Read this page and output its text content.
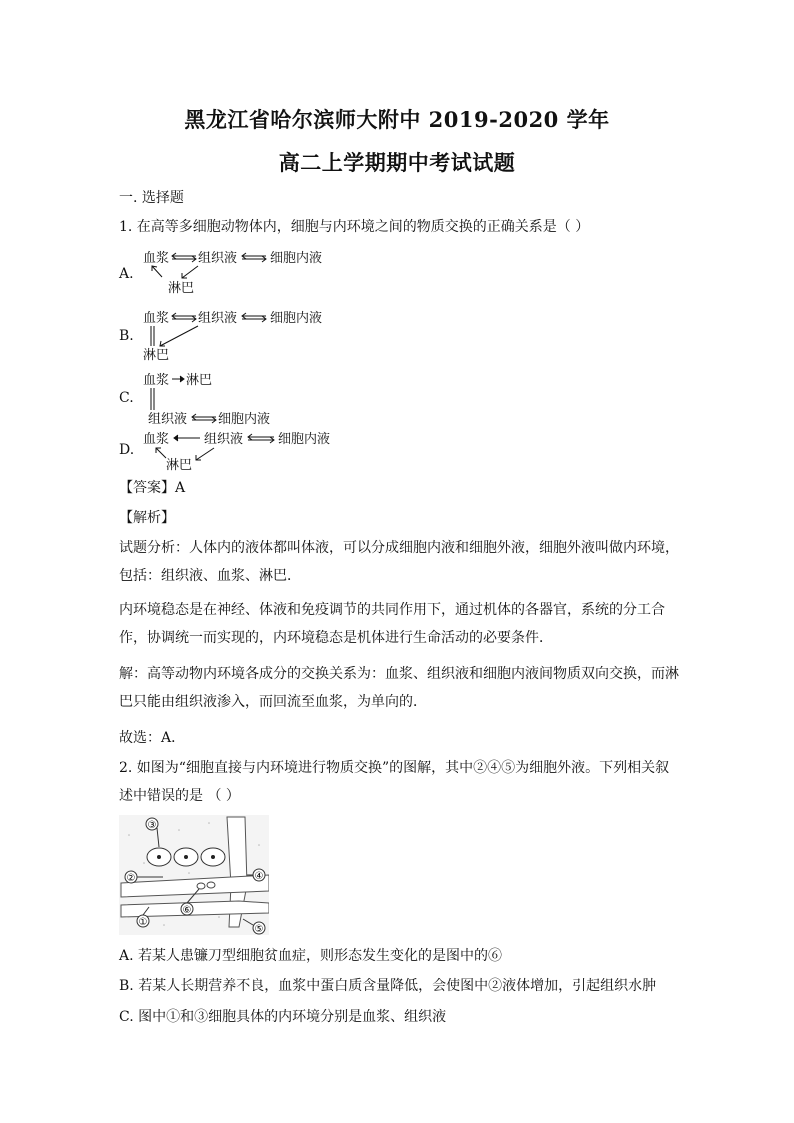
黑龙江省哈尔滨师大附中 2019-2020 学年
高二上学期期中考试试题
一. 选择题
1. 在高等多细胞动物体内，细胞与内环境之间的物质交换的正确关系是（ ）
A.
血浆 组织液	细胞内液
淋巴
B.
血浆 组织液	细胞内液
淋巴
C.
血浆 淋巴
组织液 细胞内液
D.
血浆	组织液	细胞内液
淋巴
【答案】A
【解析】
试题分析：人体内的液体都叫体液，可以分成细胞内液和细胞外液，细胞外液叫做内环境，包括：组织液、血浆、淋巴．
内环境稳态是在神经、体液和免疫调节的共同作用下，通过机体的各器官，系统的分工合作，协调统一而实现的，内环境稳态是机体进行生命活动的必要条件．
解：高等动物内环境各成分的交换关系为：血浆、组织液和细胞内液间物质双向交换，而淋巴只能由组织液渗入，而回流至血浆，为单向的．
故选：A．
2. 如图为“细胞直接与内环境进行物质交换”的图解，其中②④⑤为细胞外液。下列相关叙述中错误的是 （ ）
③
②	④
①
⑥
⑤
A. 若某人患镰刀型细胞贫血症，则形态发生变化的是图中的⑥
B. 若某人长期营养不良，血浆中蛋白质含量降低，会使图中②液体增加，引起组织水肿
C. 图中①和③细胞具体的内环境分别是血浆、组织液
